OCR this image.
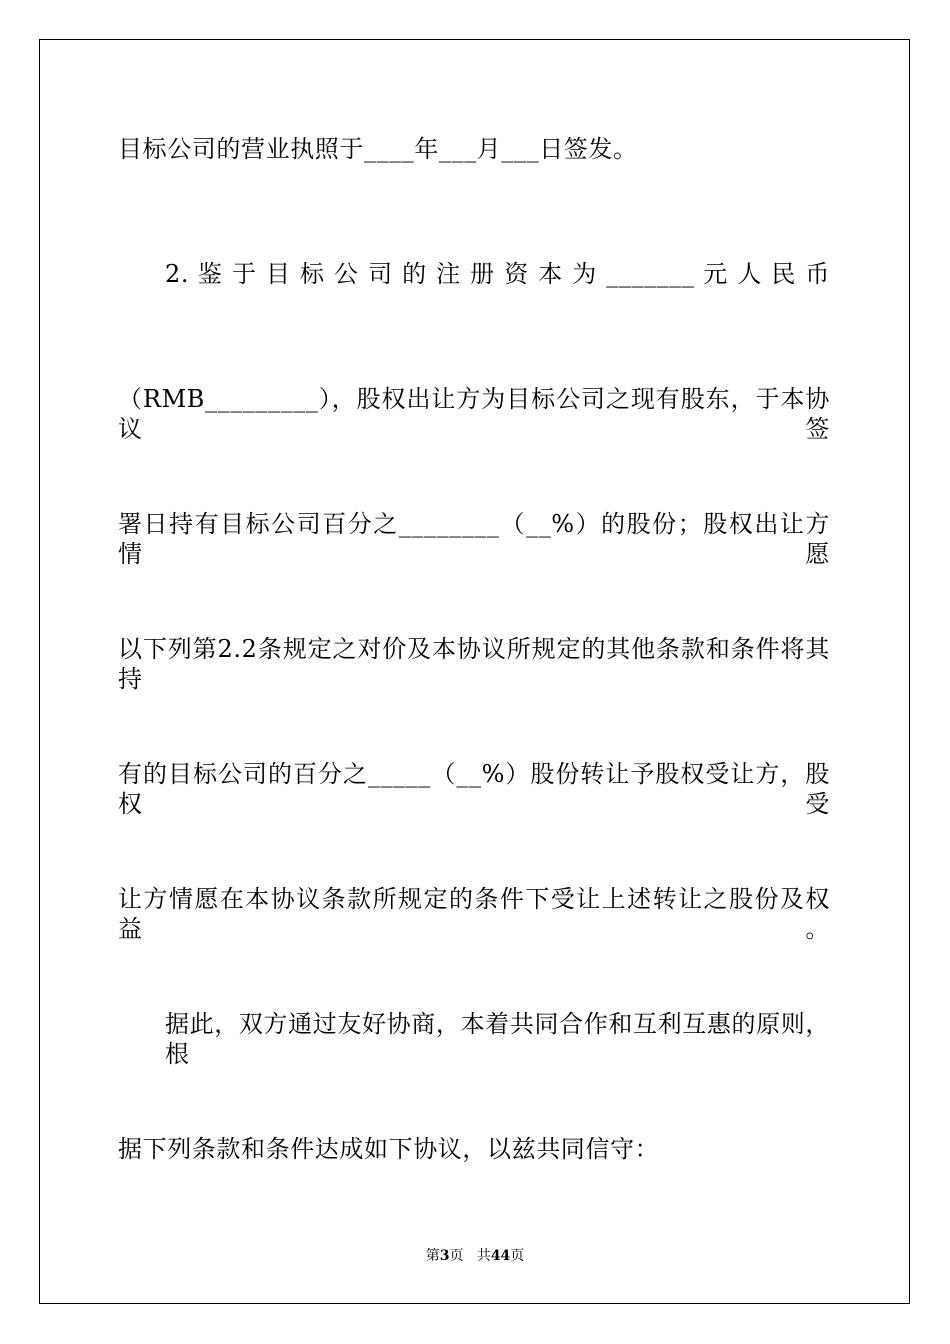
目标公司的营业执照于____年___月___日签发。
2. 鉴 于 目 标 公 司 的 注 册 资 本 为 _______ 元 人 民 币
（RMB_________），股权出让方为目标公司之现有股东，于本协议签
署日持有目标公司百分之________（__%）的股份；股权出让方情愿
以下列第2.2条规定之对价及本协议所规定的其他条款和条件将其持
有的目标公司的百分之_____（__%）股份转让予股权受让方，股权受
让方情愿在本协议条款所规定的条件下受让上述转让之股份及权益。
据此，双方通过友好协商，本着共同合作和互利互惠的原则，根
据下列条款和条件达成如下协议，以兹共同信守：
第3页 共44页
